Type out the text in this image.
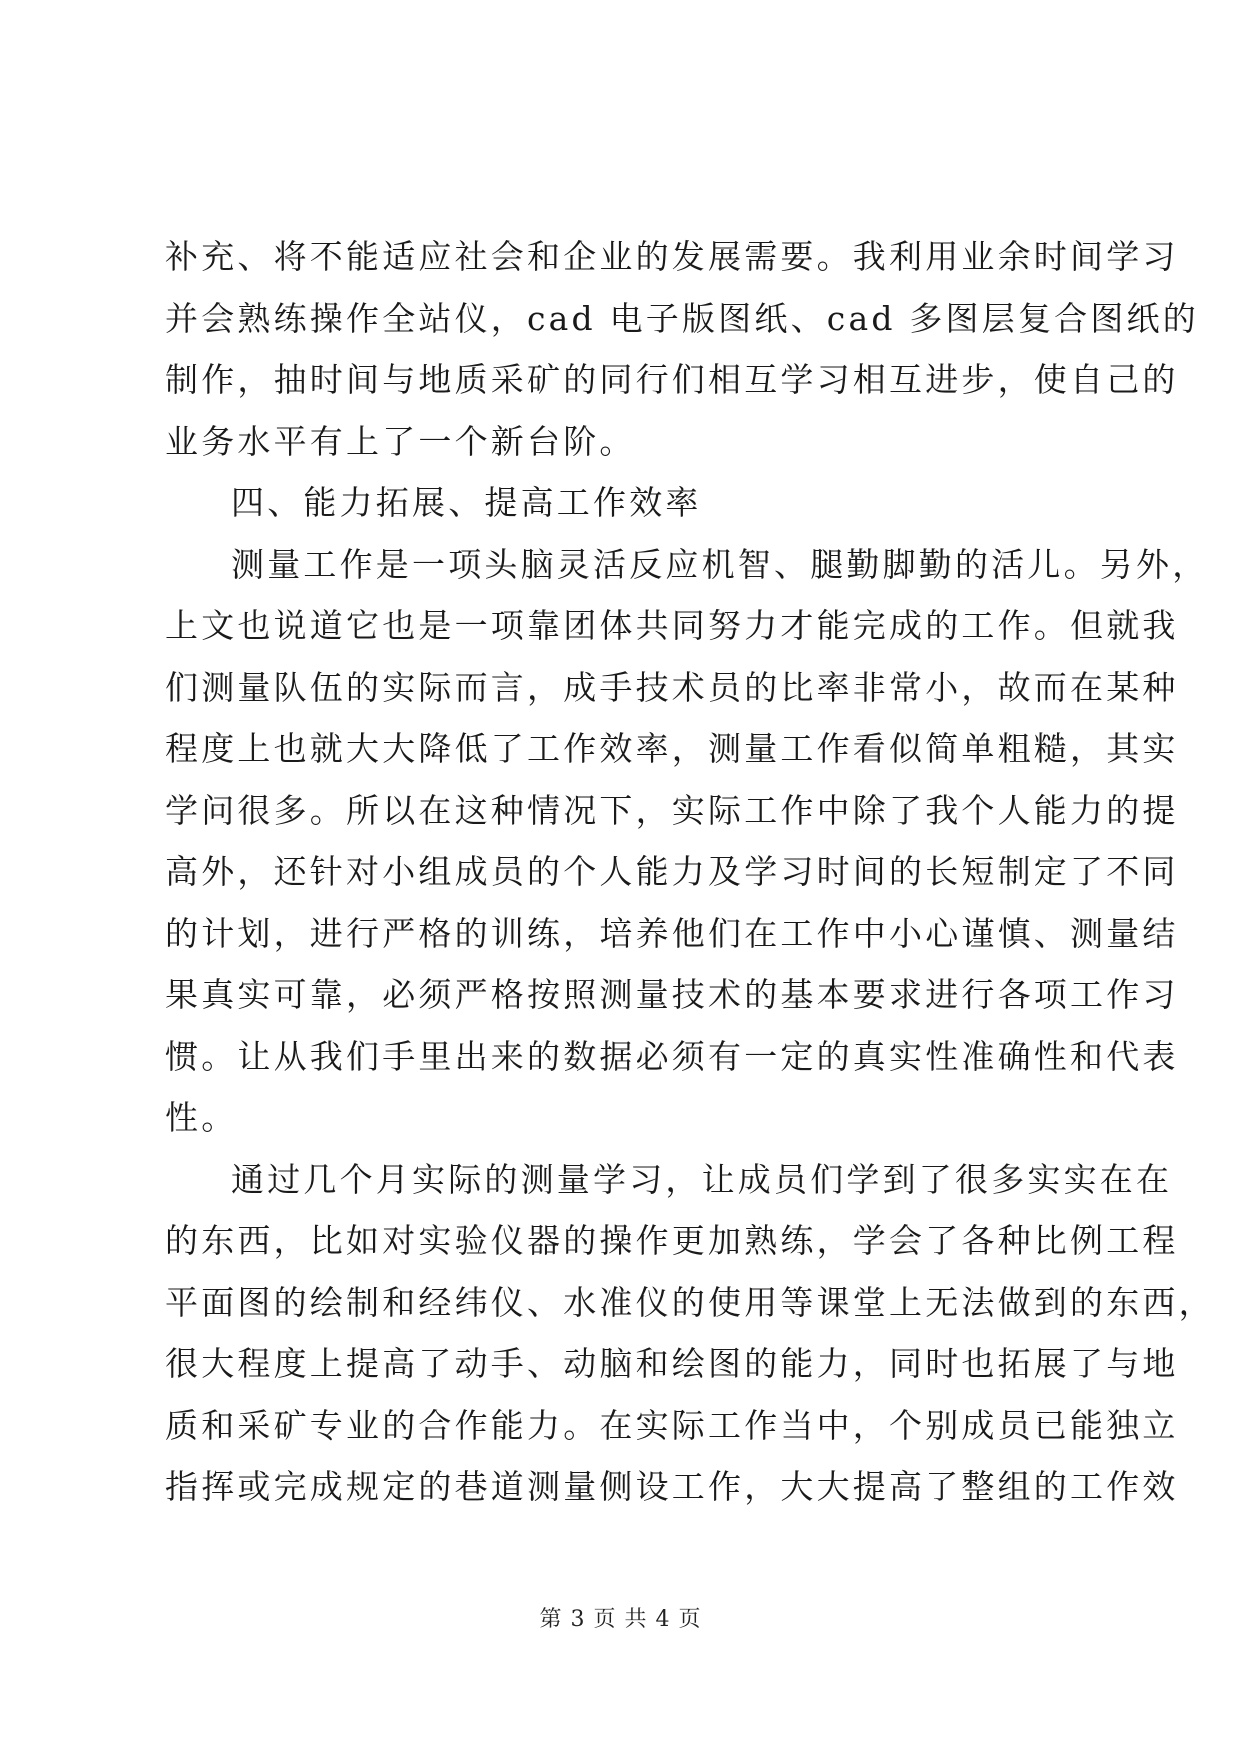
补充、将不能适应社会和企业的发展需要。我利用业余时间学习
并会熟练操作全站仪，cad 电子版图纸、cad 多图层复合图纸的
制作，抽时间与地质采矿的同行们相互学习相互进步，使自己的
业务水平有上了一个新台阶。
四、能力拓展、提高工作效率
测量工作是一项头脑灵活反应机智、腿勤脚勤的活儿。另外，
上文也说道它也是一项靠团体共同努力才能完成的工作。但就我
们测量队伍的实际而言，成手技术员的比率非常小，故而在某种
程度上也就大大降低了工作效率，测量工作看似简单粗糙，其实
学问很多。所以在这种情况下，实际工作中除了我个人能力的提
高外，还针对小组成员的个人能力及学习时间的长短制定了不同
的计划，进行严格的训练，培养他们在工作中小心谨慎、测量结
果真实可靠，必须严格按照测量技术的基本要求进行各项工作习
惯。让从我们手里出来的数据必须有一定的真实性准确性和代表
性。
通过几个月实际的测量学习，让成员们学到了很多实实在在
的东西，比如对实验仪器的操作更加熟练，学会了各种比例工程
平面图的绘制和经纬仪、水准仪的使用等课堂上无法做到的东西，
很大程度上提高了动手、动脑和绘图的能力，同时也拓展了与地
质和采矿专业的合作能力。在实际工作当中，个别成员已能独立
指挥或完成规定的巷道测量侧设工作，大大提高了整组的工作效
第 3 页 共 4 页
